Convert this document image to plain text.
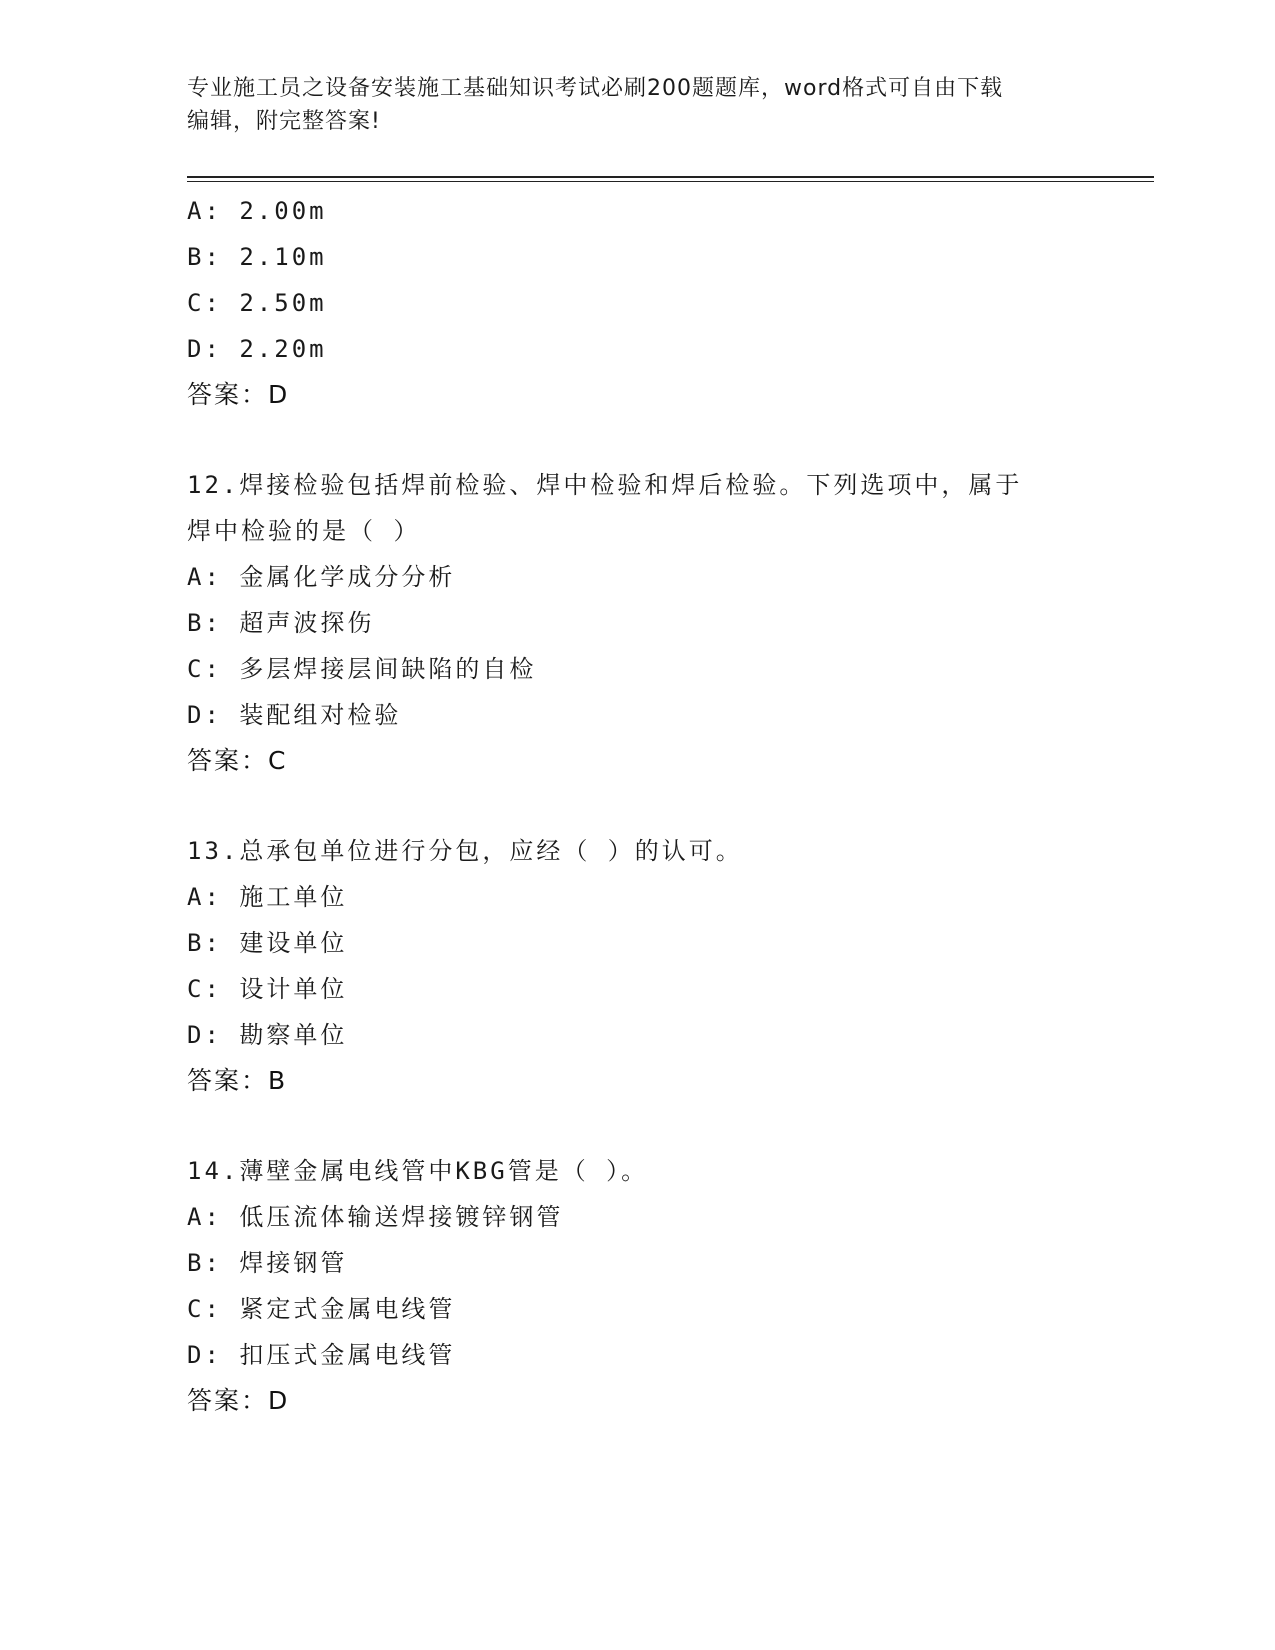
专业施工员之设备安装施工基础知识考试必刷200题题库，word格式可自由下载
编辑，附完整答案!
A: 2.00m
B: 2.10m
C: 2.50m
D: 2.20m
答案：D
12.焊接检验包括焊前检验、焊中检验和焊后检验。下列选项中，属于
焊中检验的是（ ）
A: 金属化学成分分析
B: 超声波探伤
C: 多层焊接层间缺陷的自检
D: 装配组对检验
答案：C
13.总承包单位进行分包，应经（ ）的认可。
A: 施工单位
B: 建设单位
C: 设计单位
D: 勘察单位
答案：B
14.薄壁金属电线管中KBG管是（ ）。
A: 低压流体输送焊接镀锌钢管
B: 焊接钢管
C: 紧定式金属电线管
D: 扣压式金属电线管
答案：D
